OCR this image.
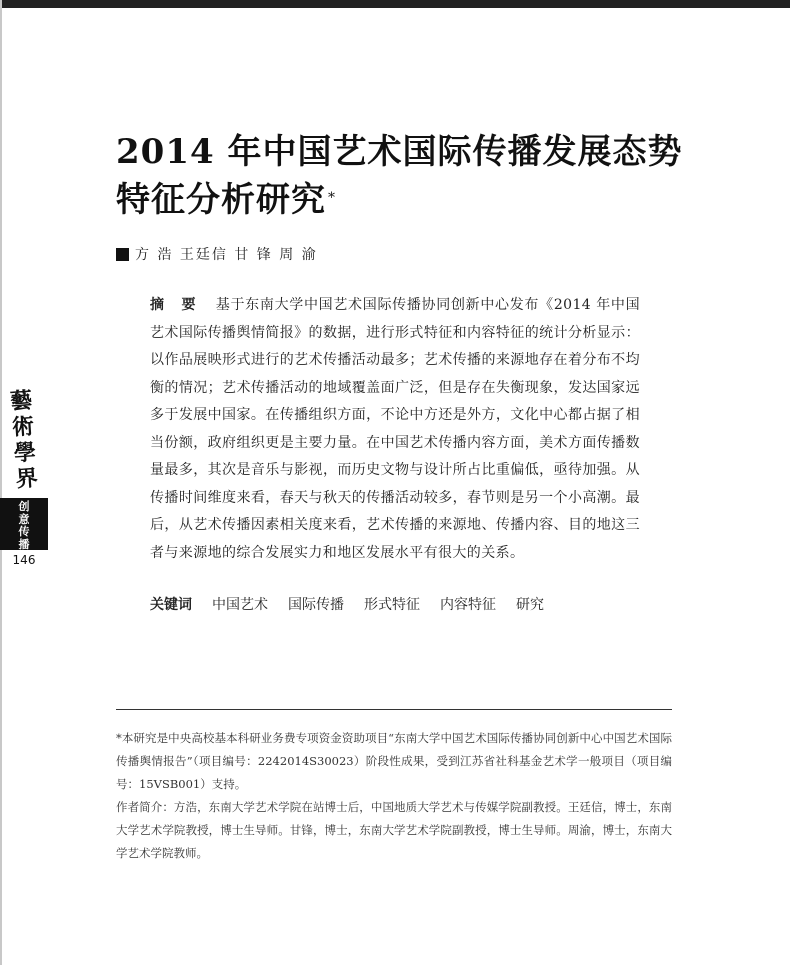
2014 年中国艺术国际传播发展态势特征分析研究 *
方 浩 王廷信 甘 锋 周 渝
摘 要 基于东南大学中国艺术国际传播协同创新中心发布《2014 年中国艺术国际传播舆情简报》的数据，进行形式特征和内容特征的统计分析显示：以作品展映形式进行的艺术传播活动最多；艺术传播的来源地存在着分布不均衡的情况；艺术传播活动的地域覆盖面广泛，但是存在失衡现象，发达国家远多于发展中国家。在传播组织方面，不论中方还是外方，文化中心都占据了相当份额，政府组织更是主要力量。在中国艺术传播内容方面，美术方面传播数量最多，其次是音乐与影视，而历史文物与设计所占比重偏低，亟待加强。从传播时间维度来看，春天与秋天的传播活动较多，春节则是另一个小高潮。最后，从艺术传播因素相关度来看，艺术传播的来源地、传播内容、目的地这三者与来源地的综合发展实力和地区发展水平有很大的关系。
关键词 中国艺术 国际传播 形式特征 内容特征 研究

*本研究是中央高校基本科研业务费专项资金资助项目“东南大学中国艺术国际传播协同创新中心中国艺术国际传播舆情报告”（项目编号：2242014S30023）阶段性成果，受到江苏省社科基金艺术学一般项目（项目编号：15VSB001）支持。

作者简介：方浩，东南大学艺术学院在站博士后，中国地质大学艺术与传媒学院副教授。王廷信，博士，东南大学艺术学院教授，博士生导师。甘锋，博士，东南大学艺术学院副教授，博士生导师。周渝，博士，东南大学艺术学院教师。

藝
術
學
界
创
意
传
播
146
